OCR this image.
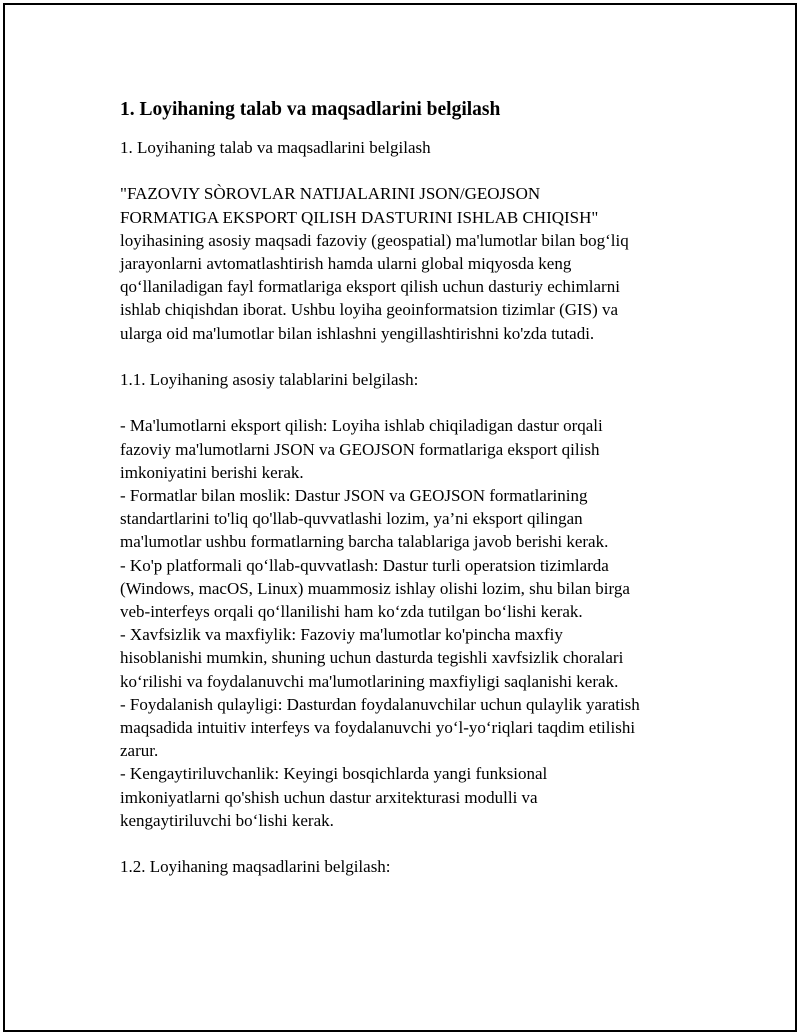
1. Loyihaning talab va maqsadlarini belgilash

1. Loyihaning talab va maqsadlarini belgilash

"FAZOVIY SÒROVLAR NATIJALARINI JSON/GEOJSON
FORMATIGA EKSPORT QILISH DASTURINI ISHLAB CHIQISH"
loyihasining asosiy maqsadi fazoviy (geospatial) ma'lumotlar bilan bog‘liq
jarayonlarni avtomatlashtirish hamda ularni global miqyosda keng
qo‘llaniladigan fayl formatlariga eksport qilish uchun dasturiy echimlarni
ishlab chiqishdan iborat. Ushbu loyiha geoinformatsion tizimlar (GIS) va
ularga oid ma'lumotlar bilan ishlashni yengillashtirishni ko'zda tutadi.

1.1. Loyihaning asosiy talablarini belgilash:

- Ma'lumotlarni eksport qilish: Loyiha ishlab chiqiladigan dastur orqali
fazoviy ma'lumotlarni JSON va GEOJSON formatlariga eksport qilish
imkoniyatini berishi kerak.
- Formatlar bilan moslik: Dastur JSON va GEOJSON formatlarining
standartlarini to'liq qo'llab-quvvatlashi lozim, ya’ni eksport qilingan
ma'lumotlar ushbu formatlarning barcha talablariga javob berishi kerak.
- Ko'p platformali qo‘llab-quvvatlash: Dastur turli operatsion tizimlarda
(Windows, macOS, Linux) muammosiz ishlay olishi lozim, shu bilan birga
veb-interfeys orqali qo‘llanilishi ham ko‘zda tutilgan bo‘lishi kerak.
- Xavfsizlik va maxfiylik: Fazoviy ma'lumotlar ko'pincha maxfiy
hisoblanishi mumkin, shuning uchun dasturda tegishli xavfsizlik choralari
ko‘rilishi va foydalanuvchi ma'lumotlarining maxfiyligi saqlanishi kerak.
- Foydalanish qulayligi: Dasturdan foydalanuvchilar uchun qulaylik yaratish
maqsadida intuitiv interfeys va foydalanuvchi yo‘l-yo‘riqlari taqdim etilishi
zarur.
- Kengaytiriluvchanlik: Keyingi bosqichlarda yangi funksional
imkoniyatlarni qo'shish uchun dastur arxitekturasi modulli va
kengaytiriluvchi bo‘lishi kerak.

1.2. Loyihaning maqsadlarini belgilash:
